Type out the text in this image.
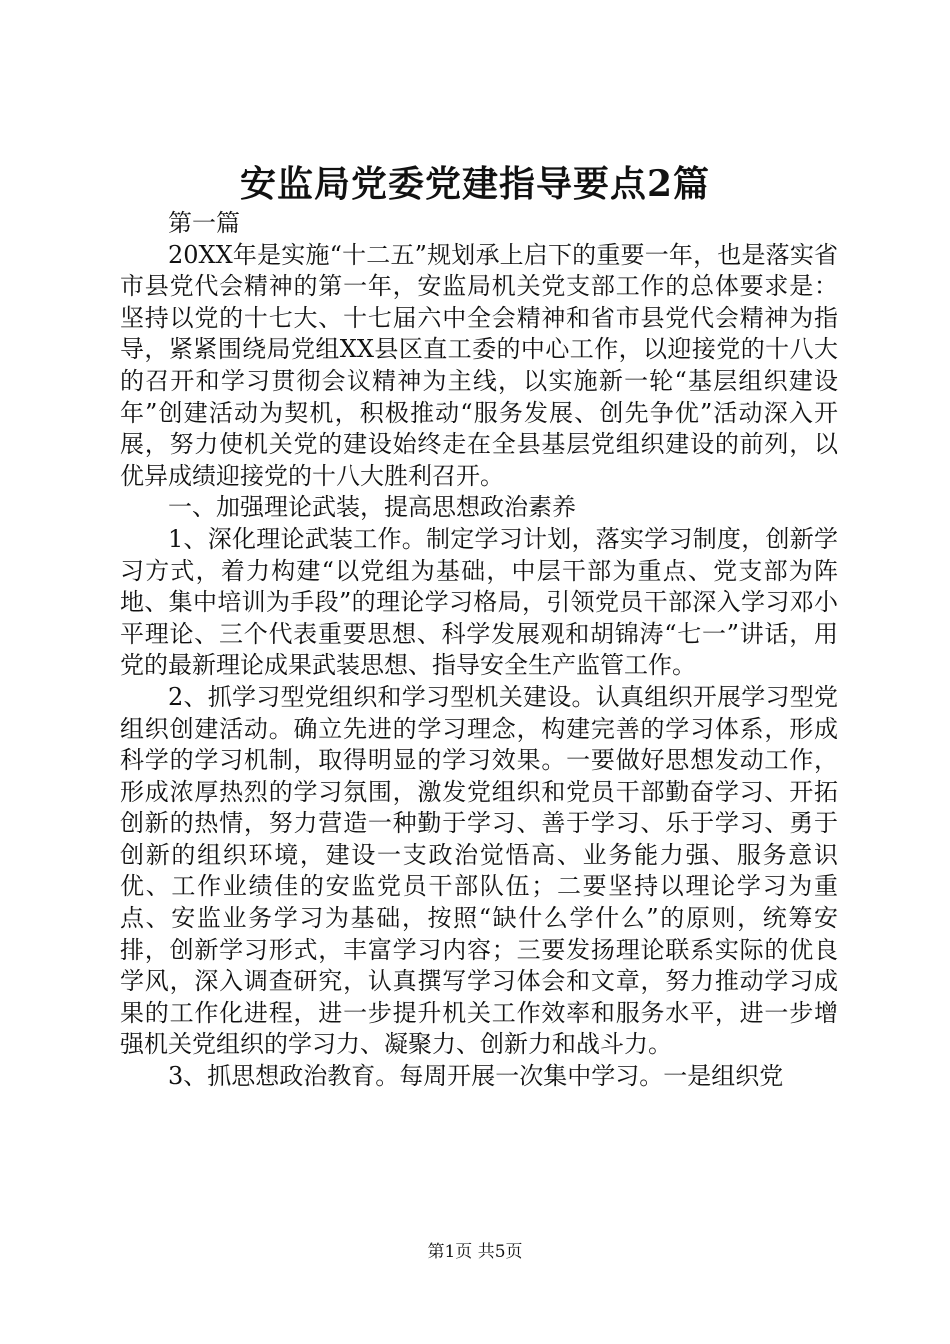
安监局党委党建指导要点2篇

第一篇

20XX年是实施“十二五”规划承上启下的重要一年，也是落实省市县党代会精神的第一年，安监局机关党支部工作的总体要求是：坚持以党的十七大、十七届六中全会精神和省市县党代会精神为指导，紧紧围绕局党组XX县区直工委的中心工作，以迎接党的十八大的召开和学习贯彻会议精神为主线，以实施新一轮“基层组织建设年”创建活动为契机，积极推动“服务发展、创先争优”活动深入开展，努力使机关党的建设始终走在全县基层党组织建设的前列，以优异成绩迎接党的十八大胜利召开。

一、加强理论武装，提高思想政治素养

1、深化理论武装工作。制定学习计划，落实学习制度，创新学习方式，着力构建“以党组为基础，中层干部为重点、党支部为阵地、集中培训为手段”的理论学习格局，引领党员干部深入学习邓小平理论、三个代表重要思想、科学发展观和胡锦涛“七一”讲话，用党的最新理论成果武装思想、指导安全生产监管工作。

2、抓学习型党组织和学习型机关建设。认真组织开展学习型党组织创建活动。确立先进的学习理念，构建完善的学习体系，形成科学的学习机制，取得明显的学习效果。一要做好思想发动工作，形成浓厚热烈的学习氛围，激发党组织和党员干部勤奋学习、开拓创新的热情，努力营造一种勤于学习、善于学习、乐于学习、勇于创新的组织环境，建设一支政治觉悟高、业务能力强、服务意识优、工作业绩佳的安监党员干部队伍；二要坚持以理论学习为重点、安监业务学习为基础，按照“缺什么学什么”的原则，统筹安排，创新学习形式，丰富学习内容；三要发扬理论联系实际的优良学风，深入调查研究，认真撰写学习体会和文章，努力推动学习成果的工作化进程，进一步提升机关工作效率和服务水平，进一步增强机关党组织的学习力、凝聚力、创新力和战斗力。

3、抓思想政治教育。每周开展一次集中学习。一是组织党

第1页 共5页
